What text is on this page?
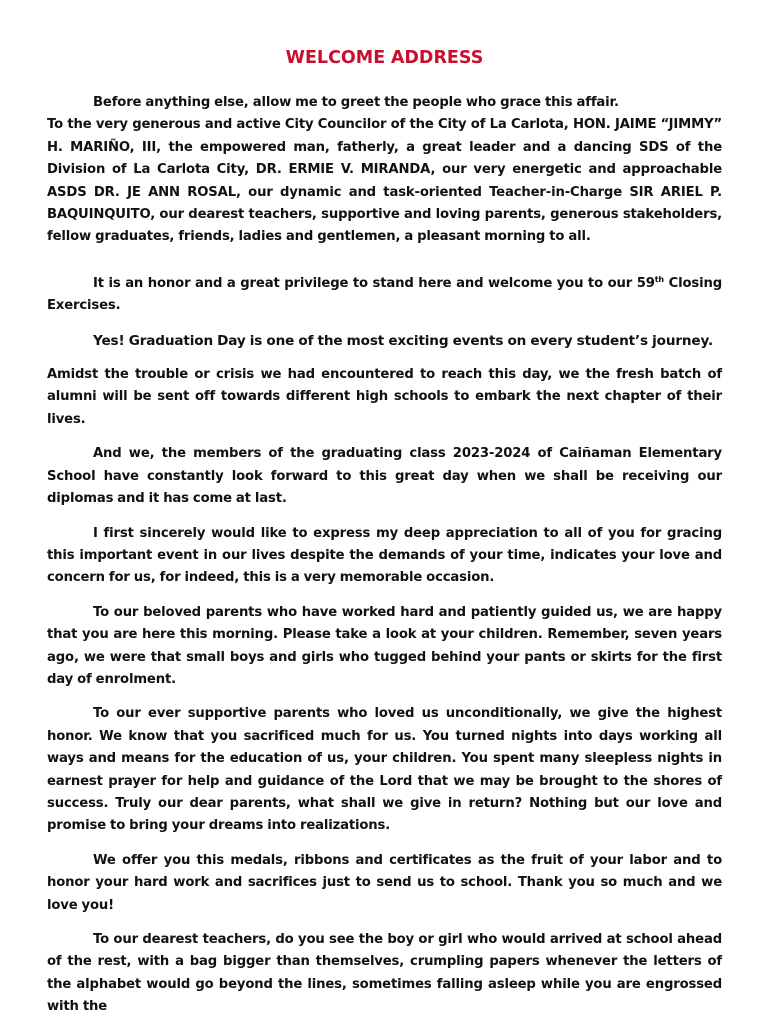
WELCOME ADDRESS

Before anything else, allow me to greet the people who grace this affair.

To the very generous and active City Councilor of the City of La Carlota, HON. JAIME “JIMMY” H. MARIÑO, III, the empowered man, fatherly, a great leader and a dancing SDS of the Division of La Carlota City, DR. ERMIE V. MIRANDA, our very energetic and approachable ASDS DR. JE ANN ROSAL, our dynamic and task-oriented Teacher-in-Charge SIR ARIEL P. BAQUINQUITO, our dearest teachers, supportive and loving parents, generous stakeholders, fellow graduates, friends, ladies and gentlemen, a pleasant morning to all.

It is an honor and a great privilege to stand here and welcome you to our 59th Closing Exercises.

Yes! Graduation Day is one of the most exciting events on every student’s journey.

Amidst the trouble or crisis we had encountered to reach this day, we the fresh batch of alumni will be sent off towards different high schools to embark the next chapter of their lives.

And we, the members of the graduating class 2023-2024 of Caiñaman Elementary School have constantly look forward to this great day when we shall be receiving our diplomas and it has come at last.

I first sincerely would like to express my deep appreciation to all of you for gracing this important event in our lives despite the demands of your time, indicates your love and concern for us, for indeed, this is a very memorable occasion.

To our beloved parents who have worked hard and patiently guided us, we are happy that you are here this morning. Please take a look at your children. Remember, seven years ago, we were that small boys and girls who tugged behind your pants or skirts for the first day of enrolment.

To our ever supportive parents who loved us unconditionally, we give the highest honor. We know that you sacrificed much for us. You turned nights into days working all ways and means for the education of us, your children. You spent many sleepless nights in earnest prayer for help and guidance of the Lord that we may be brought to the shores of success. Truly our dear parents, what shall we give in return? Nothing but our love and promise to bring your dreams into realizations.

We offer you this medals, ribbons and certificates as the fruit of your labor and to honor your hard work and sacrifices just to send us to school. Thank you so much and we love you!

To our dearest teachers, do you see the boy or girl who would arrived at school ahead of the rest, with a bag bigger than themselves, crumpling papers whenever the letters of the alphabet would go beyond the lines, sometimes falling asleep while you are engrossed with the
